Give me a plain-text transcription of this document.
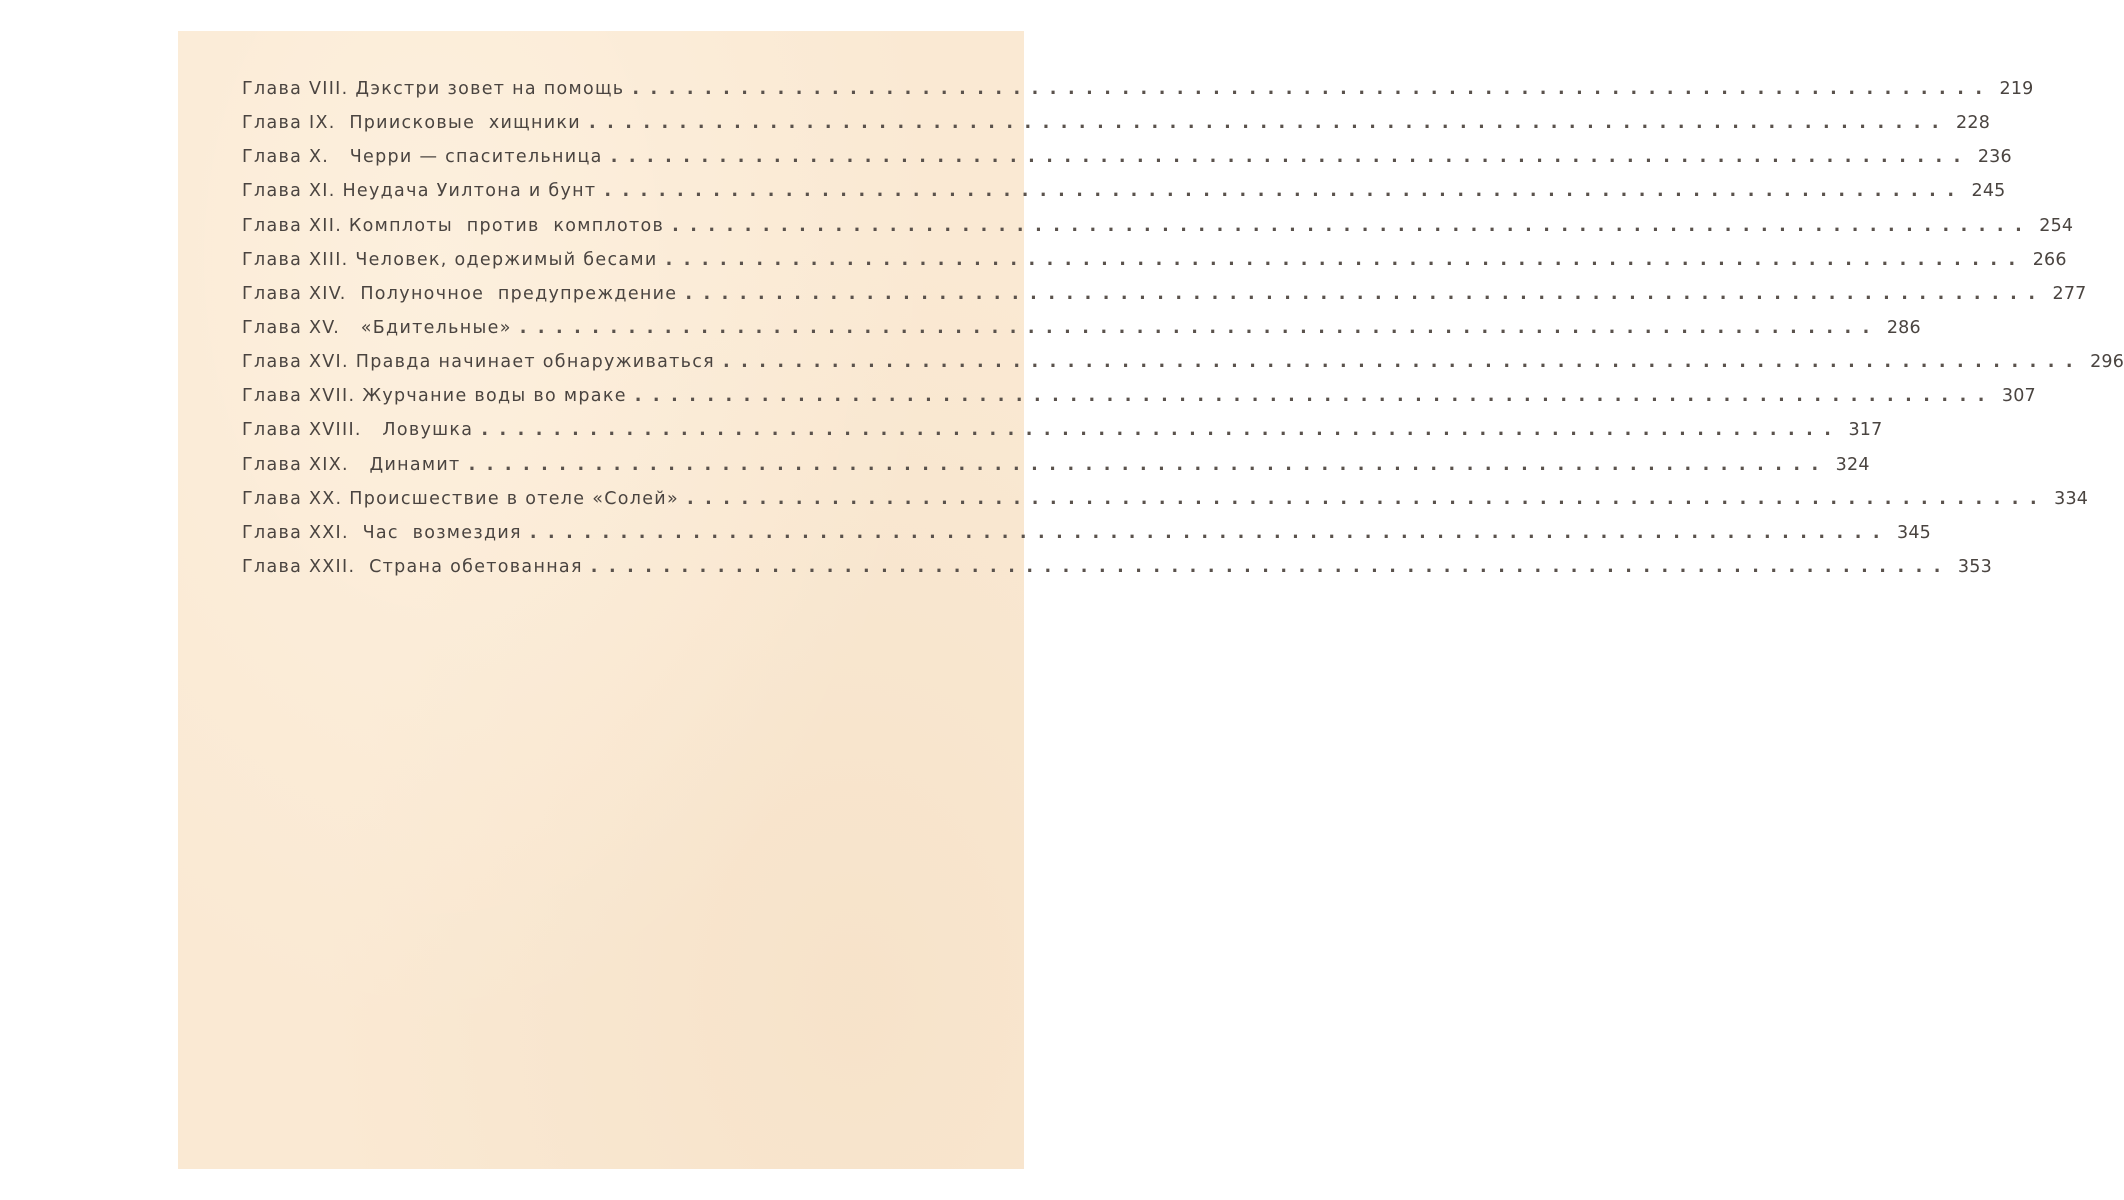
Глава VIII. Дэкстри зовет на помощь ........................................................................... 219
Глава IX.  Приисковые  хищники ........................................................................... 228
Глава X.   Черри — спасительница ........................................................................... 236
Глава XI. Неудача Уилтона и бунт ........................................................................... 245
Глава XII. Комплоты  против  комплотов ........................................................................... 254
Глава XIII. Человек, одержимый бесами ........................................................................... 266
Глава XIV.  Полуночное  предупреждение ........................................................................... 277
Глава XV.   «Бдительные» ........................................................................... 286
Глава XVI. Правда начинает обнаруживаться ........................................................................... 296
Глава XVII. Журчание воды во мраке ........................................................................... 307
Глава XVIII.   Ловушка ........................................................................... 317
Глава XIX.   Динамит ........................................................................... 324
Глава XX. Происшествие в отеле «Солей» ........................................................................... 334
Глава XXI.  Час  возмездия ........................................................................... 345
Глава XXII.  Страна обетованная ........................................................................... 353
